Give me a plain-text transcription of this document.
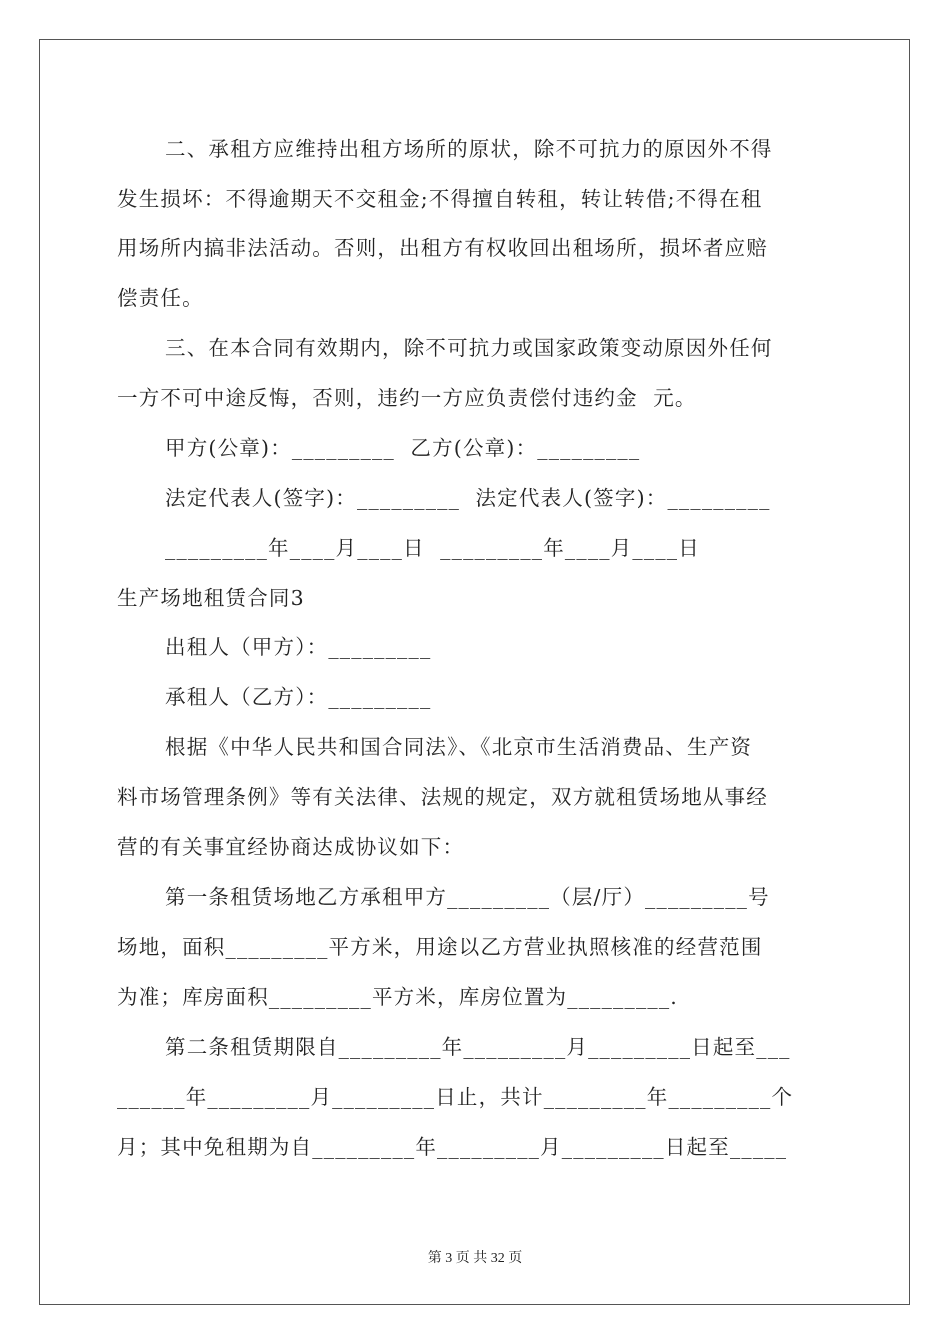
二、承租方应维持出租方场所的原状，除不可抗力的原因外不得
发生损坏：不得逾期天不交租金;不得擅自转租，转让转借;不得在租
用场所内搞非法活动。否则，出租方有权收回出租场所，损坏者应赔
偿责任。
三、在本合同有效期内，除不可抗力或国家政策变动原因外任何
一方不可中途反悔，否则，违约一方应负责偿付违约金  元。
甲方(公章)：_________  乙方(公章)：_________
法定代表人(签字)：_________  法定代表人(签字)：_________
_________年____月____日  _________年____月____日
生产场地租赁合同3
出租人（甲方）：_________
承租人（乙方）：_________
根据《中华人民共和国合同法》、《北京市生活消费品、生产资
料市场管理条例》等有关法律、法规的规定，双方就租赁场地从事经
营的有关事宜经协商达成协议如下：
第一条租赁场地乙方承租甲方_________（层/厅）_________号
场地，面积_________平方米，用途以乙方营业执照核准的经营范围
为准；库房面积_________平方米，库房位置为_________.
第二条租赁期限自_________年_________月_________日起至___
______年_________月_________日止，共计_________年_________个
月；其中免租期为自_________年_________月_________日起至_____
第 3 页 共 32 页
